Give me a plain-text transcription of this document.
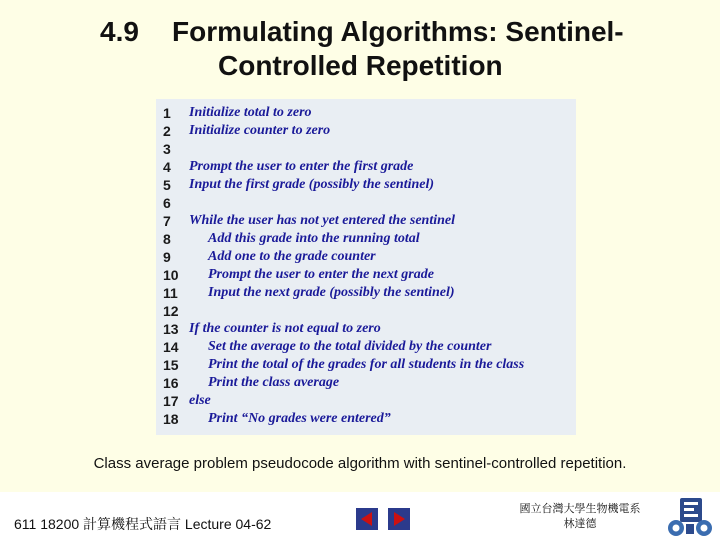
4.9 Formulating Algorithms: Sentinel-
Controlled Repetition
1	Initialize total to zero
2	Initialize counter to zero
3
4	Prompt the user to enter the first grade
5	Input the first grade (possibly the sentinel)
6
7	While the user has not yet entered the sentinel
8	Add this grade into the running total
9	Add one to the grade counter
10	Prompt the user to enter the next grade
11	Input the next grade (possibly the sentinel)
12
13 If the counter is not equal to zero
14	Set the average to the total divided by the counter
15	Print the total of the grades for all students in the class
16	Print the class average
17 else
18	Print “No grades were entered”
Class average problem pseudocode algorithm with sentinel-controlled repetition.
611 18200 計算機程式語言 Lecture 04-62
國立台灣大學生物機電系
林達德
